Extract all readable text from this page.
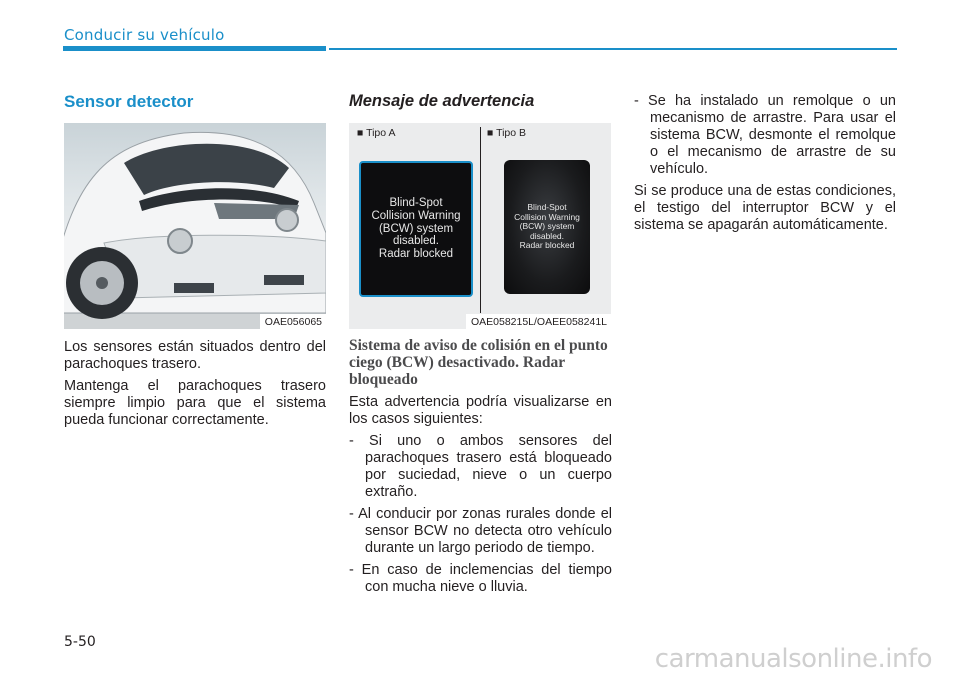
Conducir su vehículo
Sensor detector
OAE056065

Los sensores están situados dentro del parachoques trasero.

Mantenga el parachoques trasero siempre limpio para que el sistema pueda funcionar correctamente.

Mensaje de advertencia
■ Tipo A	■ Tipo B
Blind-Spot
Collision Warning
(BCW) system
disabled.
Radar blocked
Blind-Spot
Collision Warning
(BCW) system
disabled.
Radar blocked
OAE058215L/OAEE058241L
Sistema de aviso de colisión en el punto ciego (BCW) desactivado. Radar bloqueado

Esta advertencia podría visualizarse en los casos siguientes:

- Si uno o ambos sensores del parachoques trasero está bloqueado por suciedad, nieve o un cuerpo extraño.

- Al conducir por zonas rurales donde el sensor BCW no detecta otro vehículo durante un largo periodo de tiempo.

- En caso de inclemencias del tiempo con mucha nieve o lluvia.

- Se ha instalado un remolque o un mecanismo de arrastre. Para usar el sistema BCW, desmonte el remolque o el mecanismo de arrastre de su vehículo.

Si se produce una de estas condiciones, el testigo del interruptor BCW y el sistema se apagarán automáticamente.

5-50
carmanualsonline.info
